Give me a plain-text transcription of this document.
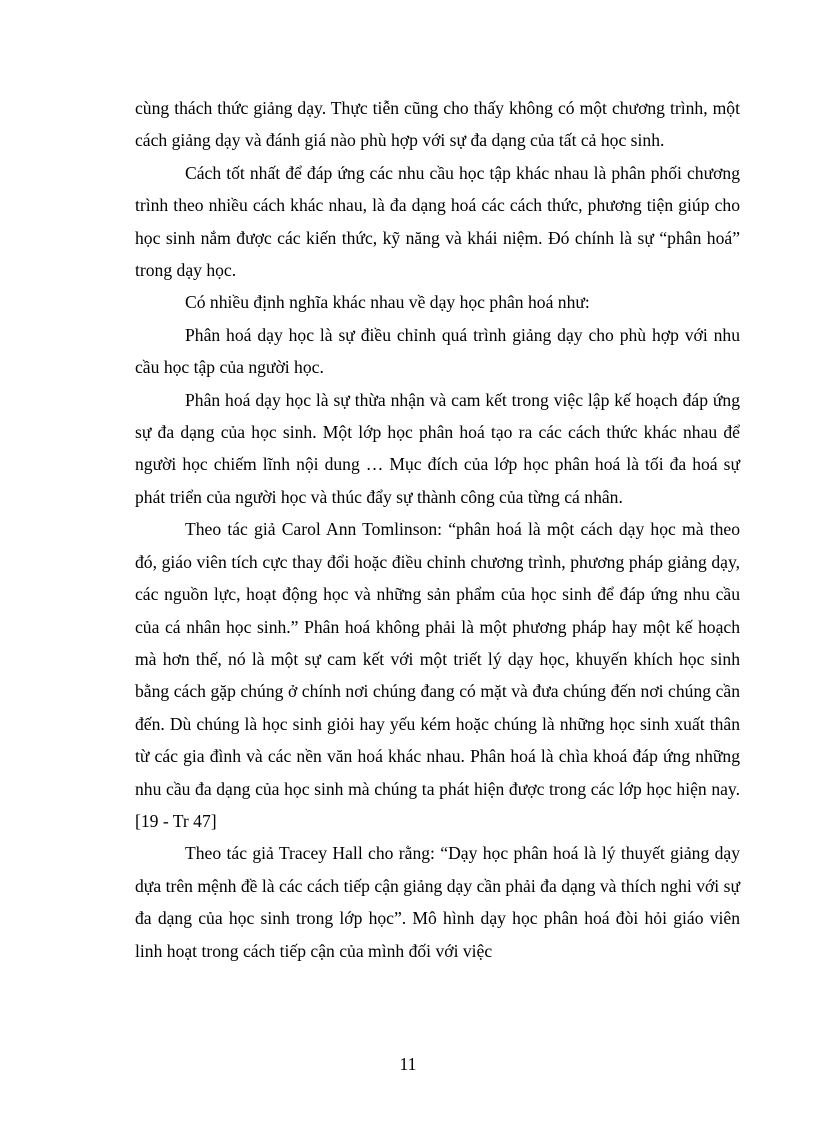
cùng thách thức giảng dạy. Thực tiễn cũng cho thấy không có một chương trình, một cách giảng dạy và đánh giá nào phù hợp với sự đa dạng của tất cả học sinh.

Cách tốt nhất để đáp ứng các nhu cầu học tập khác nhau là phân phối chương trình theo nhiều cách khác nhau, là đa dạng hoá các cách thức, phương tiện giúp cho học sinh nắm được các kiến thức, kỹ năng và khái niệm. Đó chính là sự “phân hoá” trong dạy học.

Có nhiều định nghĩa khác nhau về dạy học phân hoá như:

Phân hoá dạy học là sự điều chỉnh quá trình giảng dạy cho phù hợp với nhu cầu học tập của người học.

Phân hoá dạy học là sự thừa nhận và cam kết trong việc lập kế hoạch đáp ứng sự đa dạng của học sinh. Một lớp học phân hoá tạo ra các cách thức khác nhau để người học chiếm lĩnh nội dung … Mục đích của lớp học phân hoá là tối đa hoá sự phát triển của người học và thúc đẩy sự thành công của từng cá nhân.

Theo tác giả Carol Ann Tomlinson: “phân hoá là một cách dạy học mà theo đó, giáo viên tích cực thay đổi hoặc điều chỉnh chương trình, phương pháp giảng dạy, các nguồn lực, hoạt động học và những sản phẩm của học sinh để đáp ứng nhu cầu của cá nhân học sinh.” Phân hoá không phải là một phương pháp hay một kế hoạch mà hơn thế, nó là một sự cam kết với một triết lý dạy học, khuyến khích học sinh bằng cách gặp chúng ở chính nơi chúng đang có mặt và đưa chúng đến nơi chúng cần đến. Dù chúng là học sinh giỏi hay yếu kém hoặc chúng là những học sinh xuất thân từ các gia đình và các nền văn hoá khác nhau. Phân hoá là chìa khoá đáp ứng những nhu cầu đa dạng của học sinh mà chúng ta phát hiện được trong các lớp học hiện nay.[19 - Tr 47]

Theo tác giả Tracey Hall cho rằng: “Dạy học phân hoá là lý thuyết giảng dạy dựa trên mệnh đề là các cách tiếp cận giảng dạy cần phải đa dạng và thích nghi với sự đa dạng của học sinh trong lớp học”. Mô hình dạy học phân hoá đòi hỏi giáo viên linh hoạt trong cách tiếp cận của mình đối với việc

11
